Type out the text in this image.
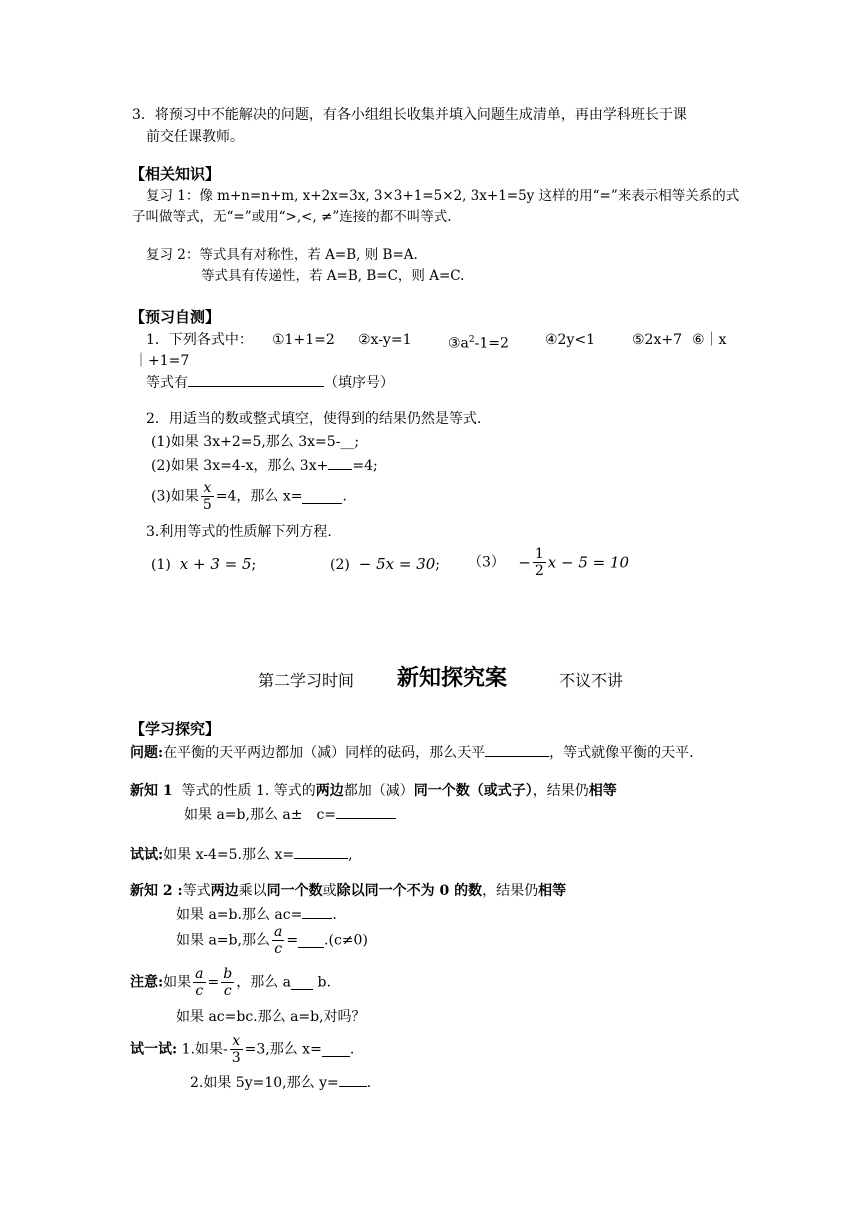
3．将预习中不能解决的问题，有各小组组长收集并填入问题生成清单，再由学科班长于课
前交任课教师。
【相关知识】
复习 1：像 m+n=n+m, x+2x=3x, 3×3+1=5×2, 3x+1=5y 这样的用“=”来表示相等关系的式
子叫做等式，无“=”或用“>,<, ≠”连接的都不叫等式.
复习 2：等式具有对称性，若 A=B, 则 B=A.
等式具有传递性，若 A=B, B=C，则 A=C.
【预习自测】
1．下列各式中： ①1+1=2 ②x-y=1	$③a^2-1=2$	④2y<1	⑤2x+7 ⑥｜x
｜+1=7
等式有	（填序号）
2．用适当的数或整式填空，使得到的结果仍然是等式.
(1)如果 3x+2=5,那么 3x=5-__;
(2)如果 3x=4-x，那么 3x+ =4;
(3)如果 $\frac{x}{5} =4$，那么 x=	.
3.利用等式的性质解下列方程.
(1) x + 3 = 5;	(2) − 5x = 30; $(3) - \frac{1}{2}$ x − 5 = 10
第二学习时间 新知探究案	不议不讲
【学习探究】
问题:在平衡的天平两边都加（减）同样的砝码，那么天平	，等式就像平衡的天平.
新知 1 等式的性质 1. 等式的两边都加（减）同一个数（或式子），结果仍相等
如果 a=b,那么 a±　c=
试试:如果 x-4=5.那么 x=	,
新知 2 :等式两边乘以同一个数或除以同一个不为 0 的数，结果仍相等
如果 a=b.那么 ac= .
如果 a=b,那么 $\frac{a}{c} = .(c\ne 0)$
注意:如果 $\frac{a}{c} = \frac{b}{c}$ ，那么 a b.
如果 ac=bc.那么 a=b,对吗？
试一试: 1.如果- $\frac{x}{3} =3$,那么 x= .
2.如果 5y=10,那么 y= .
